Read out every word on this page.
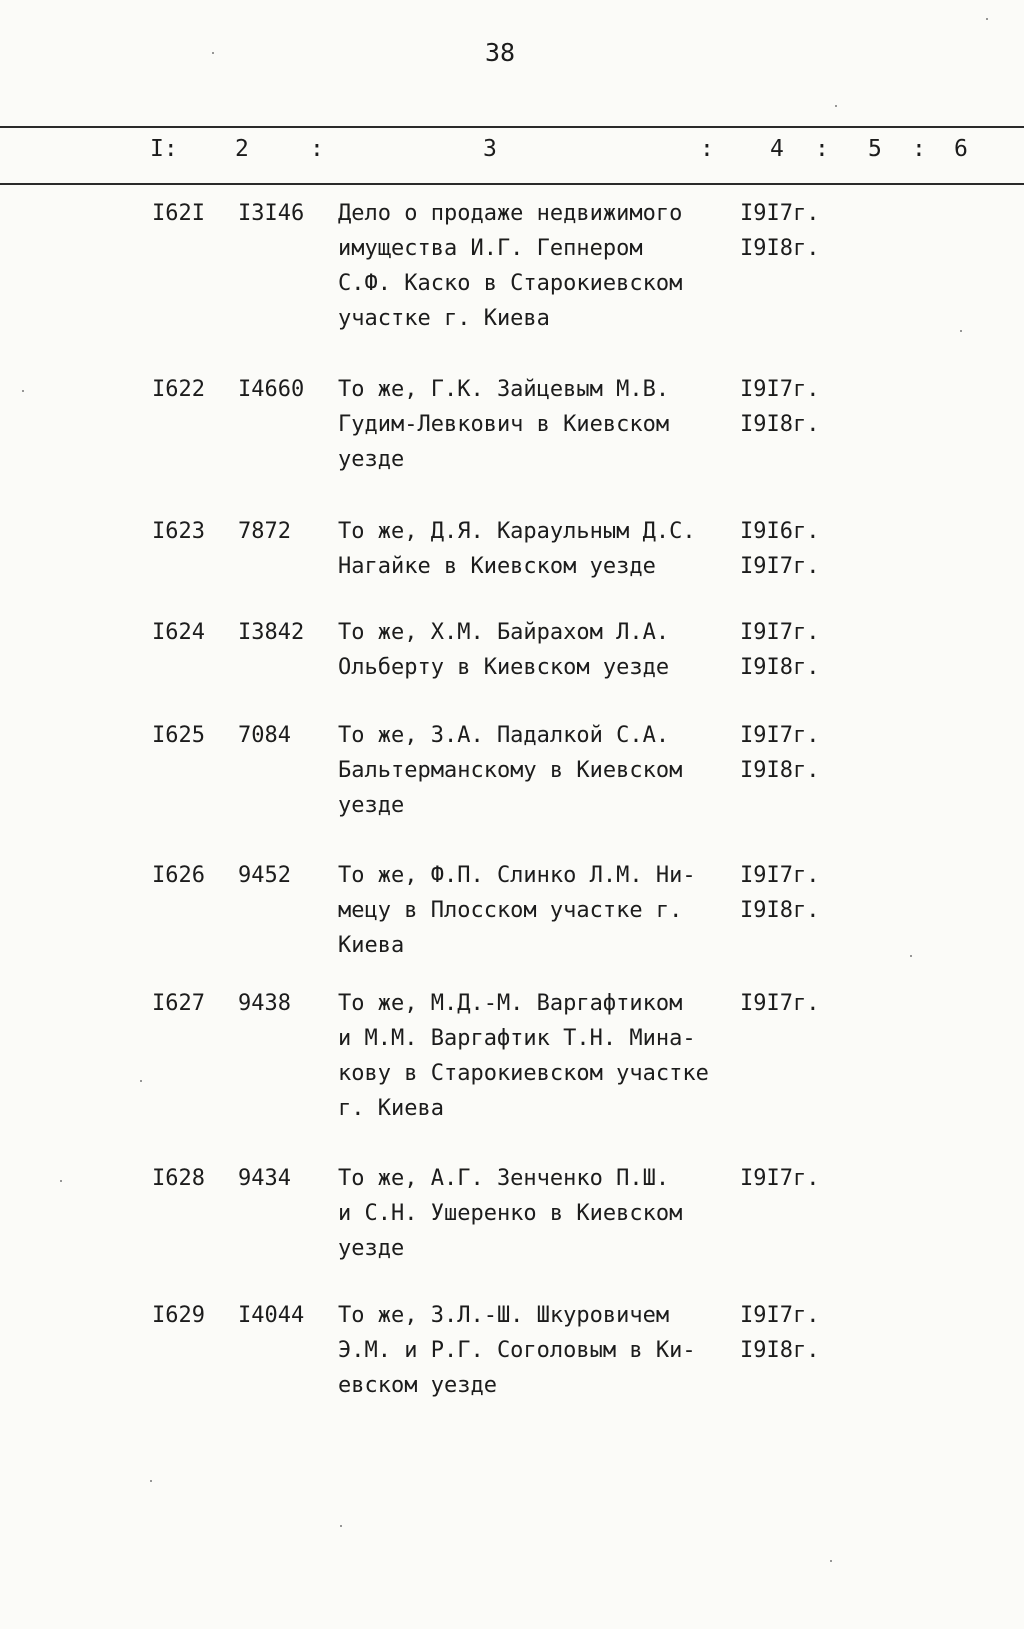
38
I: 2	:	3	: 4 : 5 : 6
I62I I3I46 Дело о продаже недвижимого
имущества И.Г. Гепнером
С.Ф. Каско в Старокиевском
участке г. Киева
I9I7г.
I9I8г.
I622 I4660 То же, Г.К. Зайцевым М.В.
Гудим-Левкович в Киевском
уезде
I9I7г.
I9I8г.
I623 7872 То же, Д.Я. Караульным Д.С.
Нагайке в Киевском уезде
I9I6г.
I9I7г.
I624 I3842 То же, Х.М. Байрахом Л.А.
Ольберту в Киевском уезде
I9I7г.
I9I8г.
I625 7084 То же, З.А. Падалкой С.А.
Бальтерманскому в Киевском
уезде
I9I7г.
I9I8г.
I626 9452 То же, Ф.П. Слинко Л.М. Ни-
мецу в Плосском участке г.
Киева
I9I7г.
I9I8г.
I627 9438 То же, М.Д.-М. Варгафтиком
и М.М. Варгафтик Т.Н. Мина-
кову в Старокиевском участке
г. Киева
I9I7г.
I628 9434 То же, А.Г. Зенченко П.Ш.
и С.Н. Ушеренко в Киевском
уезде
I9I7г.
I629 I4044 То же, З.Л.-Ш. Шкуровичем
Э.М. и Р.Г. Соголовым в Ки-
евском уезде
I9I7г.
I9I8г.
